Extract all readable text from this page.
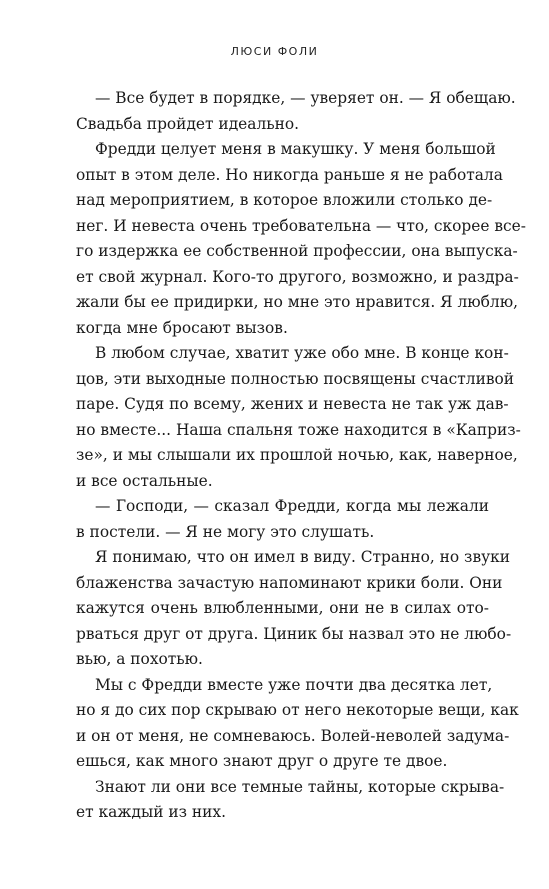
ЛЮСИ ФОЛИ
— Все будет в порядке, — уверяет он. — Я обещаю.
Свадьба пройдет идеально.
Фредди целует меня в макушку. У меня большой
опыт в этом деле. Но никогда раньше я не работала
над мероприятием, в которое вложили столько де-
нег. И невеста очень требовательна — что, скорее все-
го издержка ее собственной профессии, она выпуска-
ет свой журнал. Кого-то другого, возможно, и раздра-
жали бы ее придирки, но мне это нравится. Я люблю,
когда мне бросают вызов.
В любом случае, хватит уже обо мне. В конце кон-
цов, эти выходные полностью посвящены счастливой
паре. Судя по всему, жених и невеста не так уж дав-
но вместе... Наша спальня тоже находится в «Каприз-
зе», и мы слышали их прошлой ночью, как, наверное,
и все остальные.
— Господи, — сказал Фредди, когда мы лежали
в постели. — Я не могу это слушать.
Я понимаю, что он имел в виду. Странно, но звуки
блаженства зачастую напоминают крики боли. Они
кажутся очень влюбленными, они не в силах ото-
рваться друг от друга. Циник бы назвал это не любо-
вью, а похотью.
Мы с Фредди вместе уже почти два десятка лет,
но я до сих пор скрываю от него некоторые вещи, как
и он от меня, не сомневаюсь. Волей-неволей задума-
ешься, как много знают друг о друге те двое.
Знают ли они все темные тайны, которые скрыва-
ет каждый из них.
